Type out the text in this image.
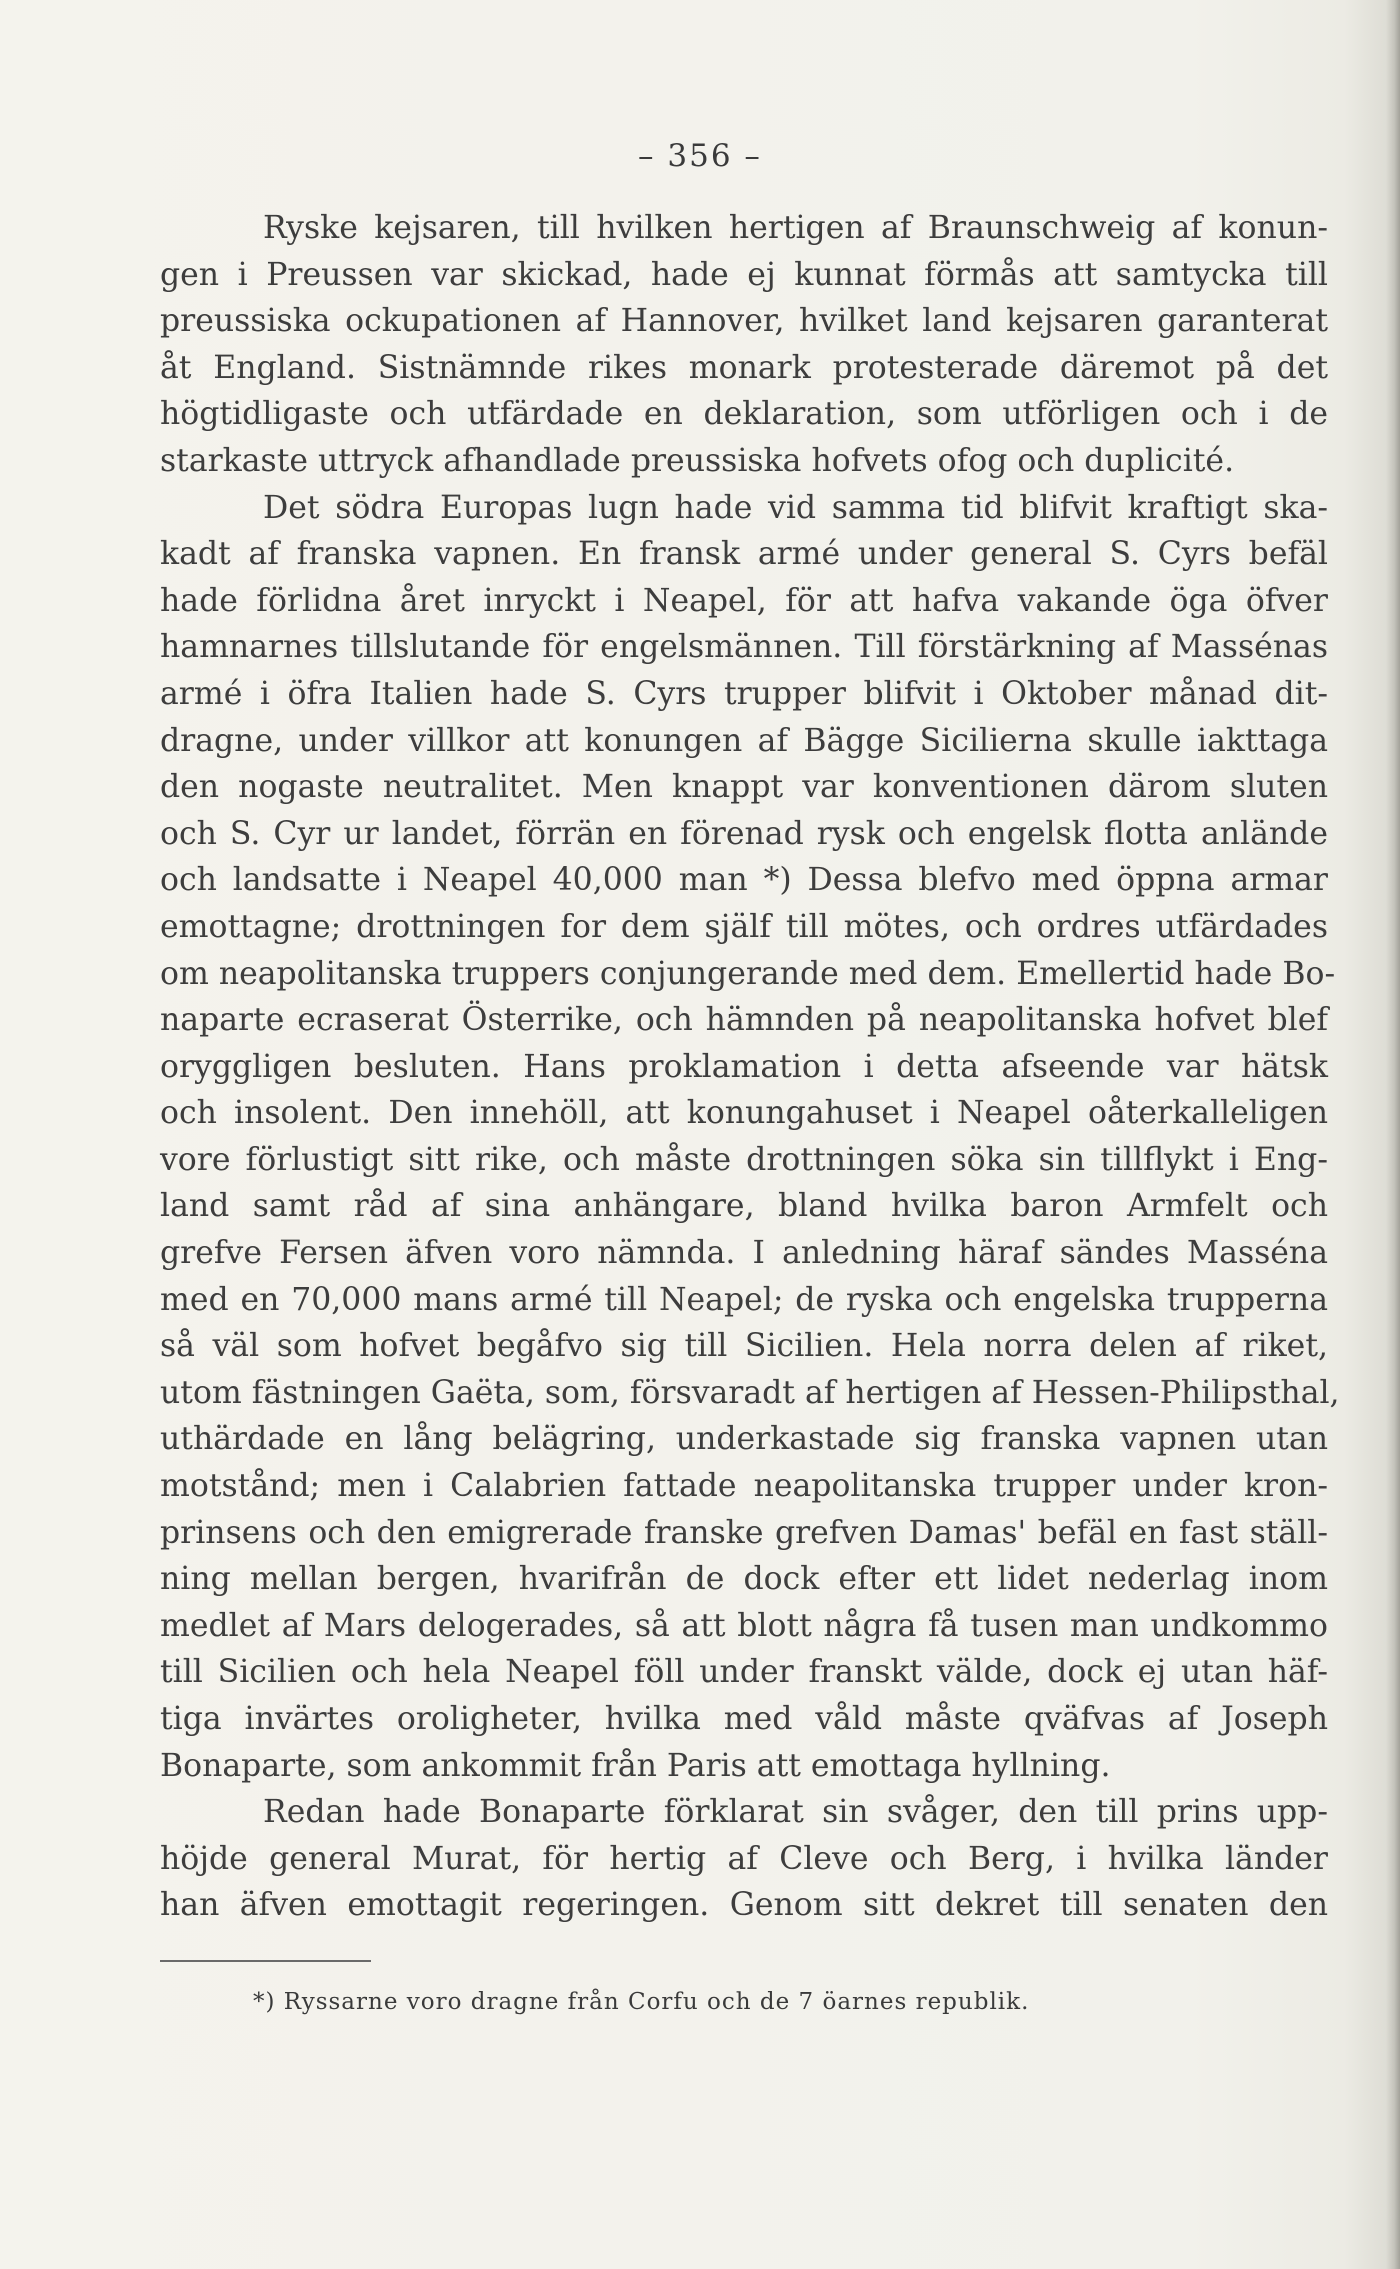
– 356 –
Ryske kejsaren, till hvilken hertigen af Braunschweig af konun-
gen i Preussen var skickad, hade ej kunnat förmås att samtycka till
preussiska ockupationen af Hannover, hvilket land kejsaren garanterat
åt England. Sistnämnde rikes monark protesterade däremot på det
högtidligaste och utfärdade en deklaration, som utförligen och i de
starkaste uttryck afhandlade preussiska hofvets ofog och duplicité.
Det södra Europas lugn hade vid samma tid blifvit kraftigt ska-
kadt af franska vapnen. En fransk armé under general S. Cyrs befäl
hade förlidna året inryckt i Neapel, för att hafva vakande öga öfver
hamnarnes tillslutande för engelsmännen. Till förstärkning af Massénas
armé i öfra Italien hade S. Cyrs trupper blifvit i Oktober månad dit-
dragne, under villkor att konungen af Bägge Sicilierna skulle iakttaga
den nogaste neutralitet. Men knappt var konventionen därom sluten
och S. Cyr ur landet, förrän en förenad rysk och engelsk flotta anlände
och landsatte i Neapel 40,000 man *) Dessa blefvo med öppna armar
emottagne; drottningen for dem själf till mötes, och ordres utfärdades
om neapolitanska truppers conjungerande med dem. Emellertid hade Bo-
naparte ecraserat Österrike, och hämnden på neapolitanska hofvet blef
oryggligen besluten. Hans proklamation i detta afseende var hätsk
och insolent. Den innehöll, att konungahuset i Neapel oåterkalleligen
vore förlustigt sitt rike, och måste drottningen söka sin tillflykt i Eng-
land samt råd af sina anhängare, bland hvilka baron Armfelt och
grefve Fersen äfven voro nämnda. I anledning häraf sändes Masséna
med en 70,000 mans armé till Neapel; de ryska och engelska trupperna
så väl som hofvet begåfvo sig till Sicilien. Hela norra delen af riket,
utom fästningen Gaëta, som, försvaradt af hertigen af Hessen-Philipsthal,
uthärdade en lång belägring, underkastade sig franska vapnen utan
motstånd; men i Calabrien fattade neapolitanska trupper under kron-
prinsens och den emigrerade franske grefven Damas' befäl en fast ställ-
ning mellan bergen, hvarifrån de dock efter ett lidet nederlag inom
medlet af Mars delogerades, så att blott några få tusen man undkommo
till Sicilien och hela Neapel föll under franskt välde, dock ej utan häf-
tiga invärtes oroligheter, hvilka med våld måste qväfvas af Joseph
Bonaparte, som ankommit från Paris att emottaga hyllning.
Redan hade Bonaparte förklarat sin svåger, den till prins upp-
höjde general Murat, för hertig af Cleve och Berg, i hvilka länder
han äfven emottagit regeringen. Genom sitt dekret till senaten den
*) Ryssarne voro dragne från Corfu och de 7 öarnes republik.
